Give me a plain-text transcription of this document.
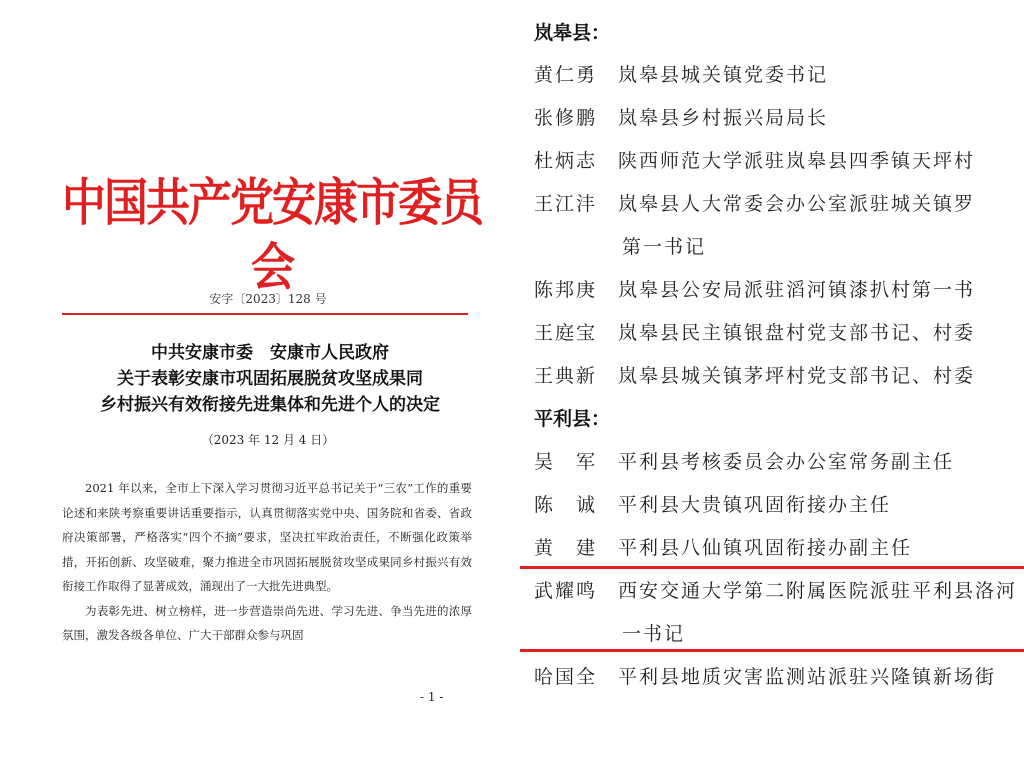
中国共产党安康市委员会
安字〔2023〕128 号
中共安康市委　安康市人民政府
关于表彰安康市巩固拓展脱贫攻坚成果同
乡村振兴有效衔接先进集体和先进个人的决定
（2023 年 12 月 4 日）

2021 年以来，全市上下深入学习贯彻习近平总书记关于“三农”工作的重要论述和来陕考察重要讲话重要指示，认真贯彻落实党中央、国务院和省委、省政府决策部署，严格落实“四个不摘”要求，坚决扛牢政治责任，不断强化政策举措，开拓创新、攻坚破难，聚力推进全市巩固拓展脱贫攻坚成果同乡村振兴有效衔接工作取得了显著成效，涌现出了一大批先进典型。

为表彰先进、树立榜样，进一步营造崇尚先进、学习先进、争当先进的浓厚氛围，激发各级各单位、广大干部群众参与巩固

- 1 -
岚皋县：
黄仁勇 岚皋县城关镇党委书记
张修鹏 岚皋县乡村振兴局局长
杜炳志 陕西师范大学派驻岚皋县四季镇天坪村
王江沣 岚皋县人大常委会办公室派驻城关镇罗
第一书记
陈邦庚 岚皋县公安局派驻滔河镇漆扒村第一书
王庭宝 岚皋县民主镇银盘村党支部书记、村委
王典新 岚皋县城关镇茅坪村党支部书记、村委
平利县：
吴　军 平利县考核委员会办公室常务副主任
陈　诚 平利县大贵镇巩固衔接办主任
黄　建 平利县八仙镇巩固衔接办副主任
武耀鸣 西安交通大学第二附属医院派驻平利县洛河
一书记
哈国全 平利县地质灾害监测站派驻兴隆镇新场街
